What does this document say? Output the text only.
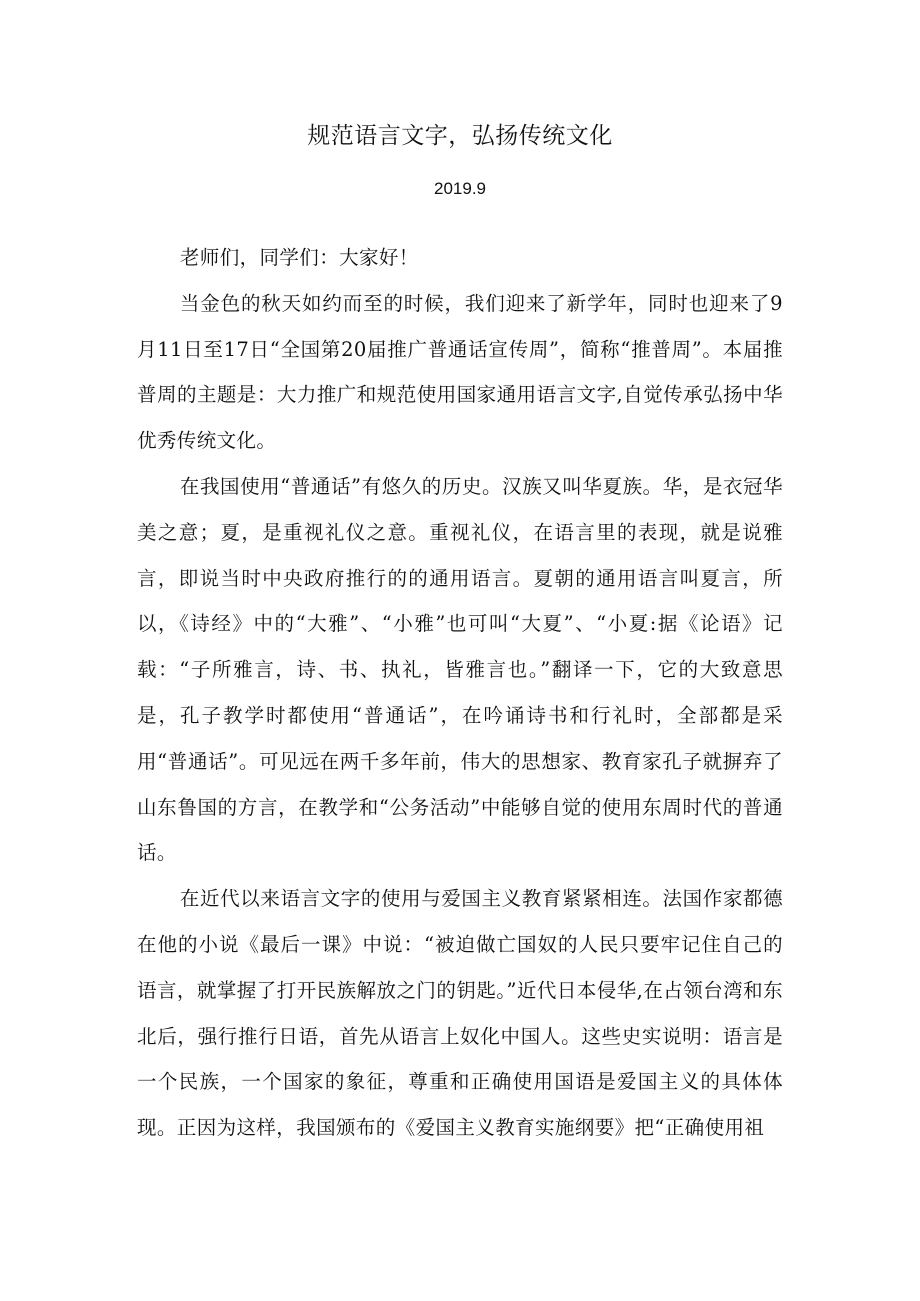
规范语言文字，弘扬传统文化
2019.9

老师们，同学们：大家好！

当金色的秋天如约而至的时候，我们迎来了新学年，同时也迎来了9月11日至17日“全国第20届推广普通话宣传周”，简称“推普周”。本届推普周的主题是：大力推广和规范使用国家通用语言文字,自觉传承弘扬中华优秀传统文化。

在我国使用“普通话”有悠久的历史。汉族又叫华夏族。华，是衣冠华美之意；夏，是重视礼仪之意。重视礼仪，在语言里的表现，就是说雅言，即说当时中央政府推行的的通用语言。夏朝的通用语言叫夏言，所以，《诗经》中的“大雅”、“小雅”也可叫“大夏”、“小夏:据《论语》记载：“子所雅言，诗、书、执礼，皆雅言也。”翻译一下，它的大致意思是，孔子教学时都使用“普通话”，在吟诵诗书和行礼时，全部都是采用“普通话”。可见远在两千多年前，伟大的思想家、教育家孔子就摒弃了山东鲁国的方言，在教学和“公务活动”中能够自觉的使用东周时代的普通话。

在近代以来语言文字的使用与爱国主义教育紧紧相连。法国作家都德在他的小说《最后一课》中说：“被迫做亡国奴的人民只要牢记住自己的语言，就掌握了打开民族解放之门的钥匙。”近代日本侵华,在占领台湾和东北后，强行推行日语，首先从语言上奴化中国人。这些史实说明：语言是一个民族，一个国家的象征，尊重和正确使用国语是爱国主义的具体体现。正因为这样，我国颁布的《爱国主义教育实施纲要》把“正确使用祖
